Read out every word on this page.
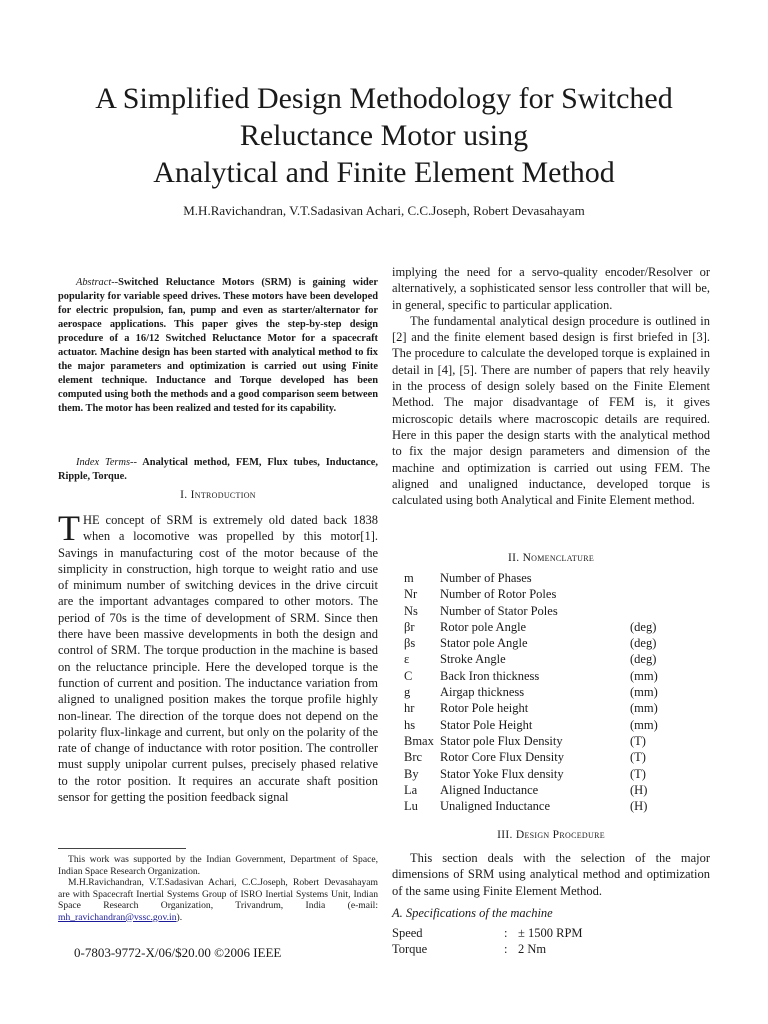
A Simplified Design Methodology for Switched
Reluctance Motor using
Analytical and Finite Element Method

M.H.Ravichandran, V.T.Sadasivan Achari, C.C.Joseph, Robert Devasahayam

Abstract--Switched Reluctance Motors (SRM) is gaining wider popularity for variable speed drives. These motors have been developed for electric propulsion, fan, pump and even as starter/alternator for aerospace applications. This paper gives the step-by-step design procedure of a 16/12 Switched Reluctance Motor for a spacecraft actuator. Machine design has been started with analytical method to fix the major parameters and optimization is carried out using Finite element technique. Inductance and Torque developed has been computed using both the methods and a good comparison seem between them. The motor has been realized and tested for its capability.

Index Terms-- Analytical method, FEM, Flux tubes, Inductance, Ripple, Torque.

I. Introduction

THE concept of SRM is extremely old dated back 1838 when a locomotive was propelled by this motor[1]. Savings in manufacturing cost of the motor because of the simplicity in construction, high torque to weight ratio and use of minimum number of switching devices in the drive circuit are the important advantages compared to other motors. The period of 70s is the time of development of SRM. Since then there have been massive developments in both the design and control of SRM. The torque production in the machine is based on the reluctance principle. Here the developed torque is the function of current and position. The inductance variation from aligned to unaligned position makes the torque profile highly non-linear. The direction of the torque does not depend on the polarity flux-linkage and current, but only on the polarity of the rate of change of inductance with rotor position. The controller must supply unipolar current pulses, precisely phased relative to the rotor position. It requires an accurate shaft position sensor for getting the position feedback signal

This work was supported by the Indian Government, Department of Space, Indian Space Research Organization.

M.H.Ravichandran, V.T.Sadasivan Achari, C.C.Joseph, Robert Devasahayam are with Spacecraft Inertial Systems Group of ISRO Inertial Systems Unit, Indian Space Research Organization, Trivandrum, India (e-mail: mh_ravichandran@vssc.gov.in).

0-7803-9772-X/06/$20.00 ©2006 IEEE

implying the need for a servo-quality encoder/Resolver or alternatively, a sophisticated sensor less controller that will be, in general, specific to particular application.

The fundamental analytical design procedure is outlined in [2] and the finite element based design is first briefed in [3]. The procedure to calculate the developed torque is explained in detail in [4], [5]. There are number of papers that rely heavily in the process of design solely based on the Finite Element Method. The major disadvantage of FEM is, it gives microscopic details where macroscopic details are required. Here in this paper the design starts with the analytical method to fix the major design parameters and dimension of the machine and optimization is carried out using FEM. The aligned and unaligned inductance, developed torque is calculated using both Analytical and Finite Element method.

II. Nomenclature

m	Number of Phases	
Nr	Number of Rotor Poles	
Ns	Number of Stator Poles	
βr	Rotor pole Angle	(deg)
βs	Stator pole Angle	(deg)
ε	Stroke Angle	(deg)
C	Back Iron thickness	(mm)
g	Airgap thickness	(mm)
hr	Rotor Pole height	(mm)
hs	Stator Pole Height	(mm)
Bmax	Stator pole Flux Density	(T)
Brc	Rotor Core Flux Density	(T)
By	Stator Yoke Flux density	(T)
La	Aligned Inductance	(H)
Lu	Unaligned Inductance	(H)

III. Design Procedure

This section deals with the selection of the major dimensions of SRM using analytical method and optimization of the same using Finite Element Method.

A. Specifications of the machine
Speed	:	± 1500 RPM
Torque	:	2 Nm
